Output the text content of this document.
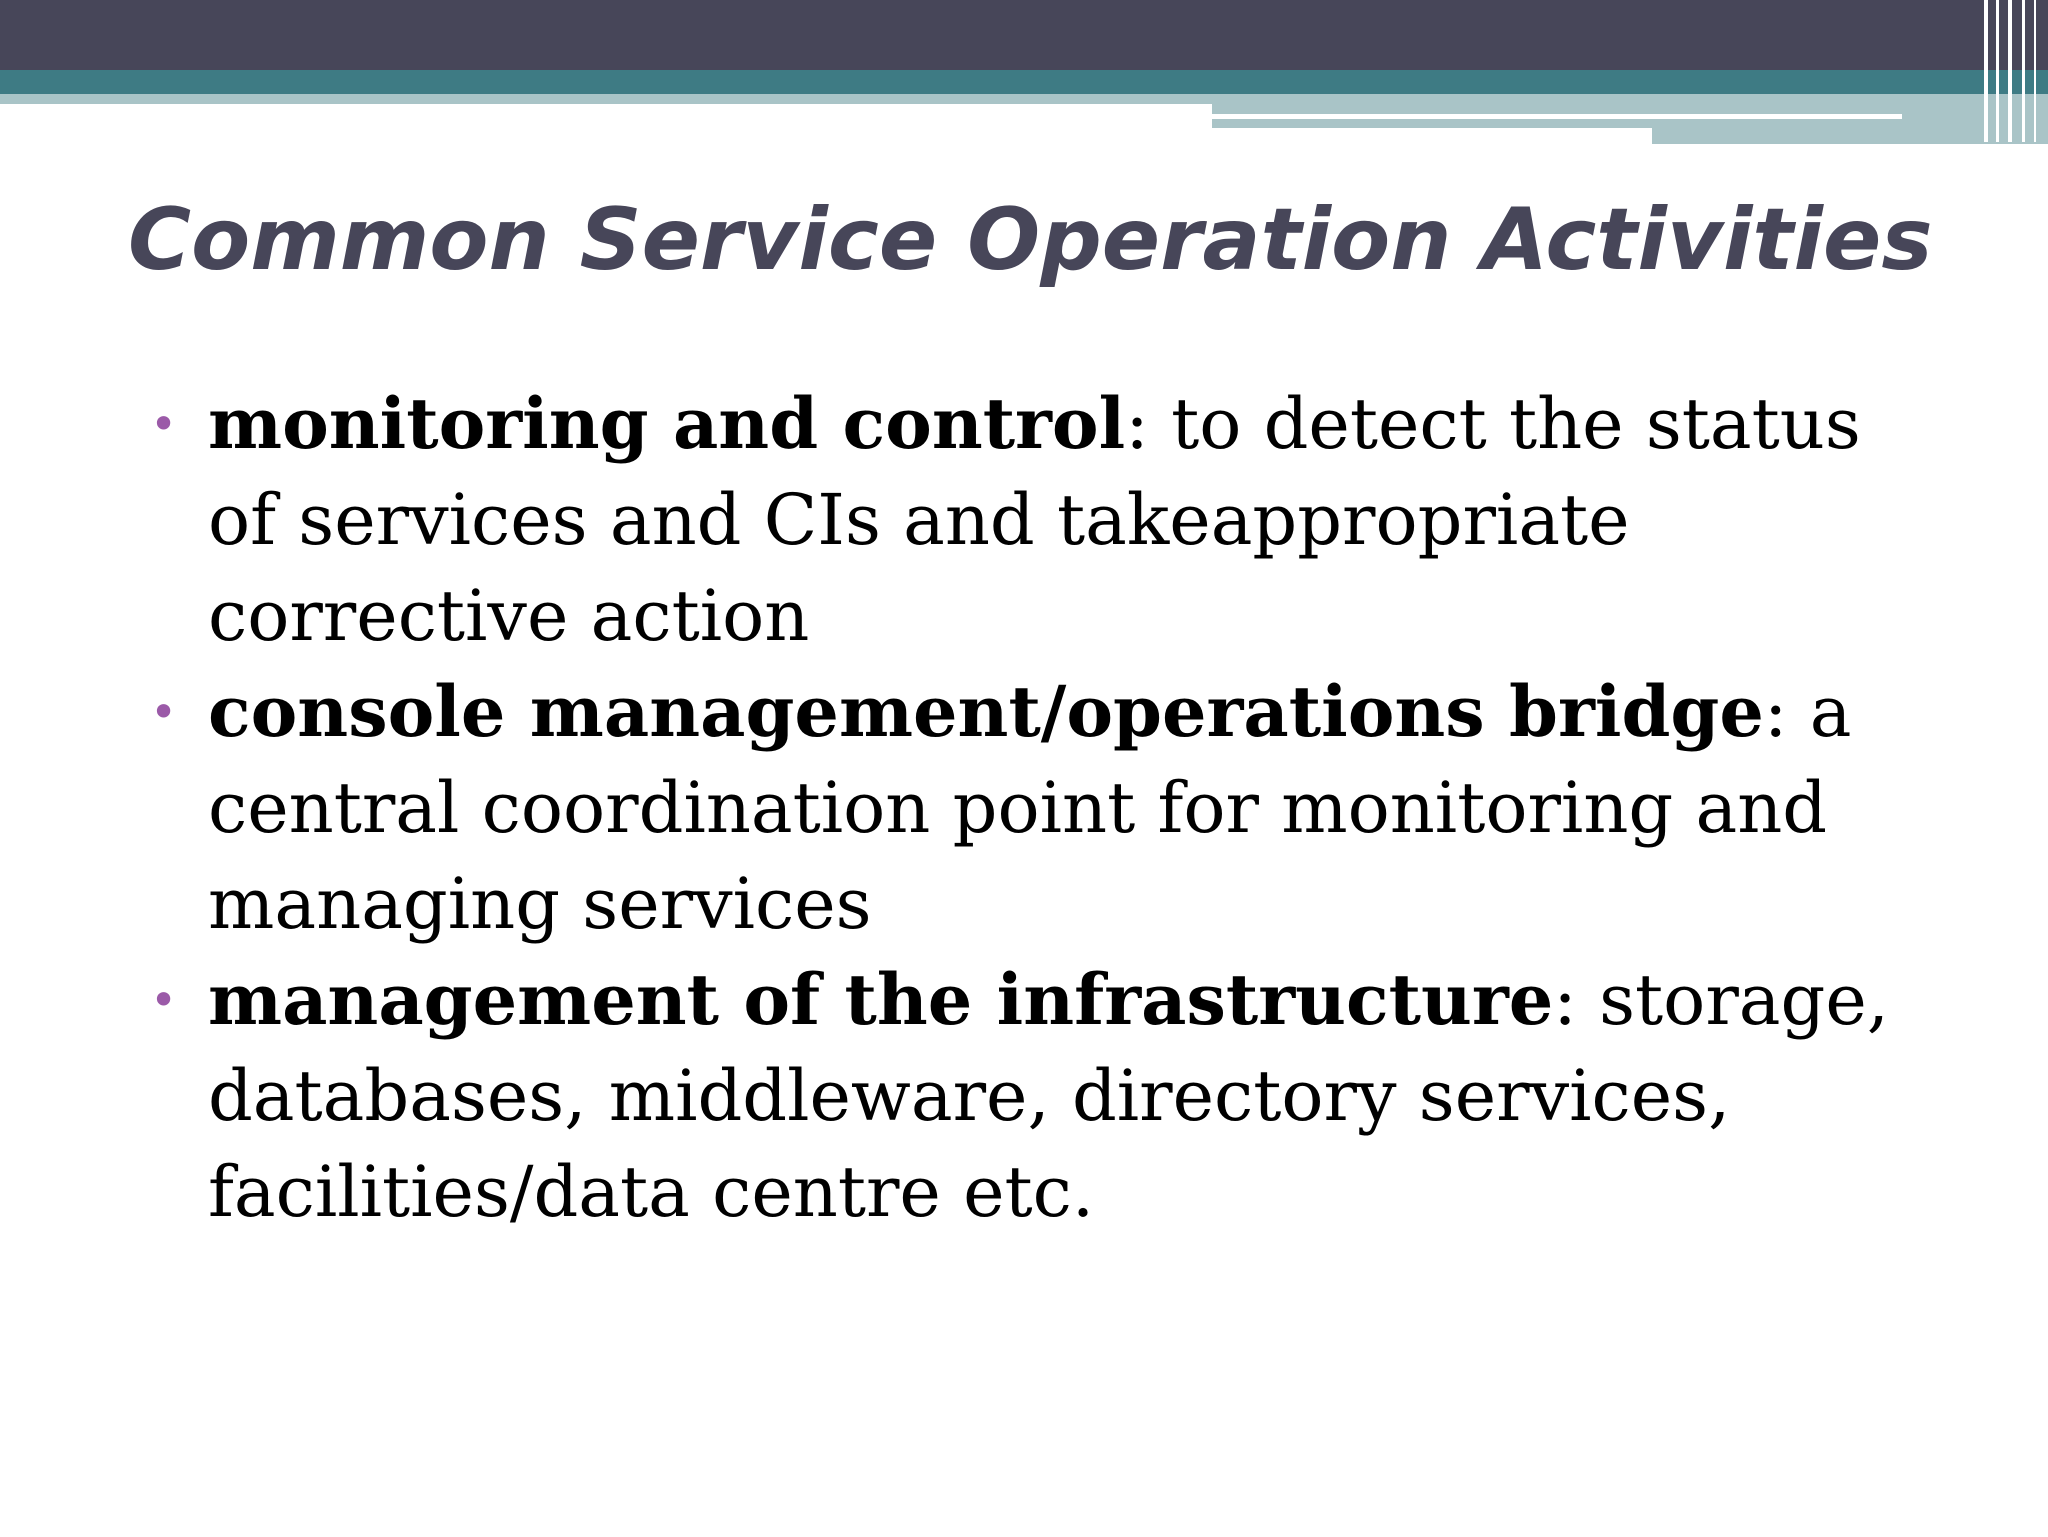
Common Service Operation Activities
• monitoring and control: to detect the status of services and CIs and takeappropriate corrective action
• console management/operations bridge: a central coordination point for monitoring and managing services
• management of the infrastructure: storage, databases, middleware, directory services, facilities/data centre etc.
